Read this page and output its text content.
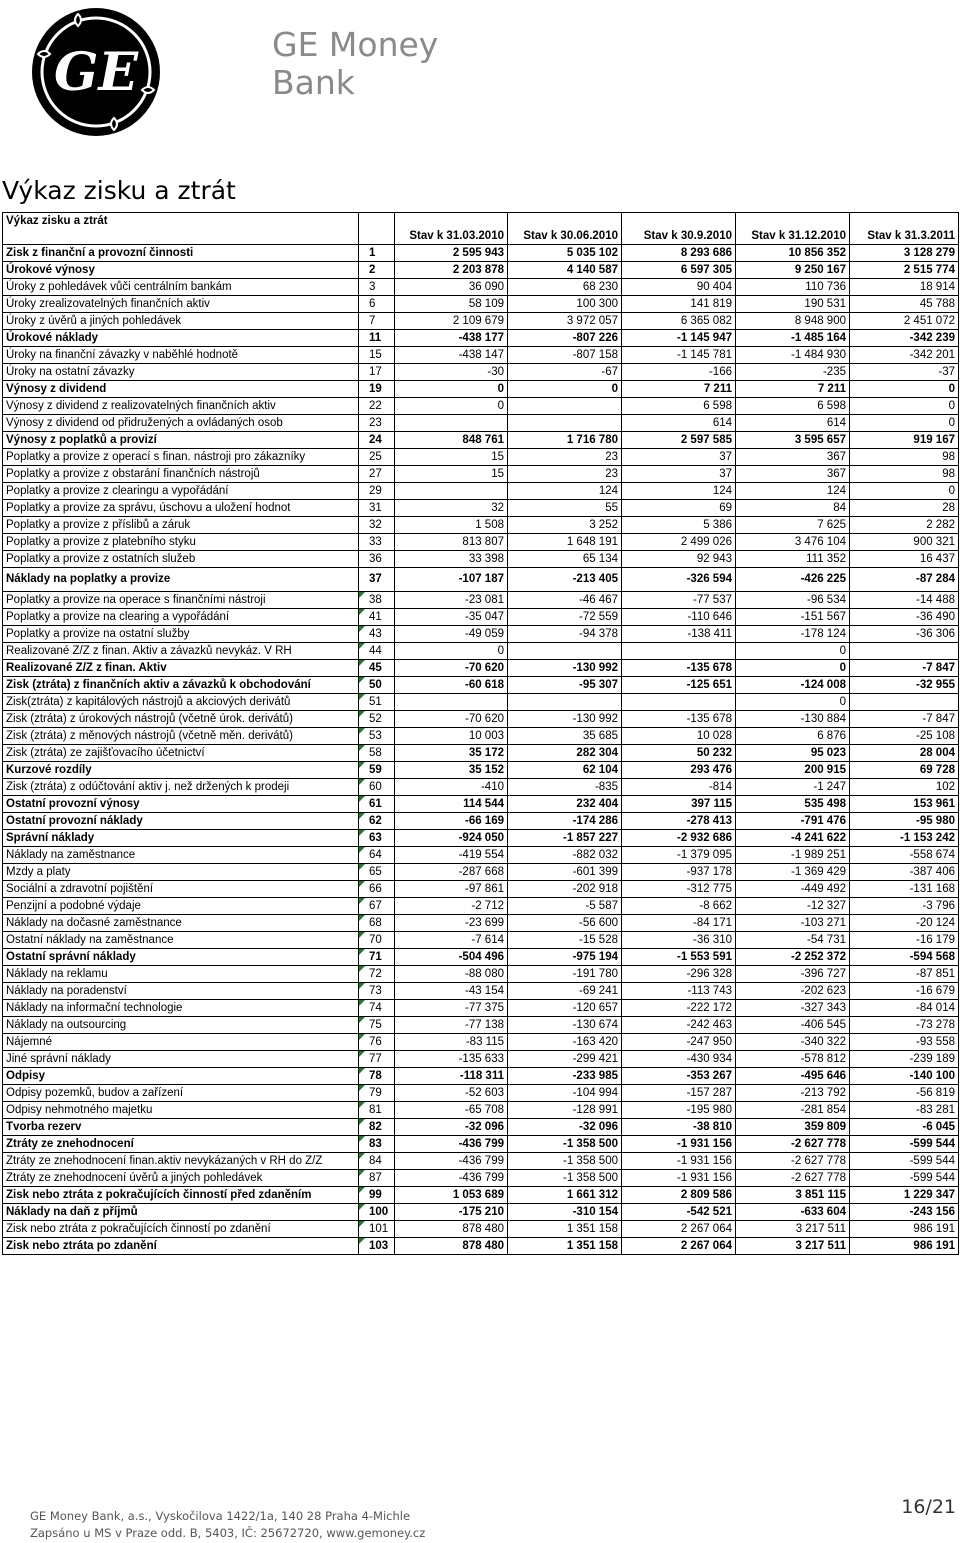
GE	GE Money
Bank
Výkaz zisku a ztrát
Výkaz zisku a ztrát		Stav k 31.03.2010	Stav k 30.06.2010	Stav k 30.9.2010	Stav k 31.12.2010	Stav k 31.3.2011
Zisk z finanční a provozní činnosti	1	2 595 943	5 035 102	8 293 686	10 856 352	3 128 279
Úrokové výnosy	2	2 203 878	4 140 587	6 597 305	9 250 167	2 515 774
Úroky z pohledávek vůči centrálním bankám	3	36 090	68 230	90 404	110 736	18 914
Úroky zrealizovatelných finančních aktiv	6	58 109	100 300	141 819	190 531	45 788
Úroky z úvěrů a jiných pohledávek	7	2 109 679	3 972 057	6 365 082	8 948 900	2 451 072
Úrokové náklady	11	-438 177	-807 226	-1 145 947	-1 485 164	-342 239
Úroky na finanční závazky v naběhlé hodnotě	15	-438 147	-807 158	-1 145 781	-1 484 930	-342 201
Úroky na ostatní závazky	17	-30	-67	-166	-235	-37
Výnosy z dividend	19	0	0	7 211	7 211	0
Výnosy z dividend z realizovatelných finančních aktiv	22	0		6 598	6 598	0
Výnosy z dividend od přidružených a ovládaných osob	23			614	614	0
Výnosy z poplatků a provizí	24	848 761	1 716 780	2 597 585	3 595 657	919 167
Poplatky a provize z operací s finan. nástroji pro zákazníky	25	15	23	37	367	98
Poplatky a provize z obstarání finančních nástrojů	27	15	23	37	367	98
Poplatky a provize z clearingu a vypořádání	29		124	124	124	0
Poplatky a provize za správu, úschovu a uložení hodnot	31	32	55	69	84	28
Poplatky a provize z příslibů a záruk	32	1 508	3 252	5 386	7 625	2 282
Poplatky a provize z platebního styku	33	813 807	1 648 191	2 499 026	3 476 104	900 321
Poplatky a provize z ostatních služeb	36	33 398	65 134	92 943	111 352	16 437
Náklady na poplatky a provize	37	-107 187	-213 405	-326 594	-426 225	-87 284
Poplatky a provize na operace s finančními nástroji	38	-23 081	-46 467	-77 537	-96 534	-14 488
Poplatky a provize na clearing a vypořádání	41	-35 047	-72 559	-110 646	-151 567	-36 490
Poplatky a provize na ostatní služby	43	-49 059	-94 378	-138 411	-178 124	-36 306
Realizované Z/Z z finan. Aktiv a závazků nevykáz. V RH	44	0			0	
Realizované Z/Z z finan. Aktiv	45	-70 620	-130 992	-135 678	0	-7 847
Zisk (ztráta) z finančních aktiv a závazků k obchodování	50	-60 618	-95 307	-125 651	-124 008	-32 955
Zisk(ztráta) z kapitálových nástrojů a akciových derivátů	51				0	
Zisk (ztráta) z úrokových nástrojů (včetně úrok. derivátů)	52	-70 620	-130 992	-135 678	-130 884	-7 847
Zisk (ztráta) z měnových nástrojů (včetně měn. derivátů)	53	10 003	35 685	10 028	6 876	-25 108
Zisk (ztráta) ze zajišťovacího účetnictví	58	35 172	282 304	50 232	95 023	28 004
Kurzové rozdíly	59	35 152	62 104	293 476	200 915	69 728
Zisk (ztráta) z odúčtování aktiv j. než držených k prodeji	60	-410	-835	-814	-1 247	102
Ostatní provozní výnosy	61	114 544	232 404	397 115	535 498	153 961
Ostatní provozní náklady	62	-66 169	-174 286	-278 413	-791 476	-95 980
Správní náklady	63	-924 050	-1 857 227	-2 932 686	-4 241 622	-1 153 242
Náklady na zaměstnance	64	-419 554	-882 032	-1 379 095	-1 989 251	-558 674
Mzdy a platy	65	-287 668	-601 399	-937 178	-1 369 429	-387 406
Sociální a zdravotní pojištění	66	-97 861	-202 918	-312 775	-449 492	-131 168
Penzijní a podobné výdaje	67	-2 712	-5 587	-8 662	-12 327	-3 796
Náklady na dočasné zaměstnance	68	-23 699	-56 600	-84 171	-103 271	-20 124
Ostatní náklady na zaměstnance	70	-7 614	-15 528	-36 310	-54 731	-16 179
Ostatní správní náklady	71	-504 496	-975 194	-1 553 591	-2 252 372	-594 568
Náklady na reklamu	72	-88 080	-191 780	-296 328	-396 727	-87 851
Náklady na poradenství	73	-43 154	-69 241	-113 743	-202 623	-16 679
Náklady na informační technologie	74	-77 375	-120 657	-222 172	-327 343	-84 014
Náklady na outsourcing	75	-77 138	-130 674	-242 463	-406 545	-73 278
Nájemné	76	-83 115	-163 420	-247 950	-340 322	-93 558
Jiné správní náklady	77	-135 633	-299 421	-430 934	-578 812	-239 189
Odpisy	78	-118 311	-233 985	-353 267	-495 646	-140 100
Odpisy pozemků, budov a zařízení	79	-52 603	-104 994	-157 287	-213 792	-56 819
Odpisy nehmotného majetku	81	-65 708	-128 991	-195 980	-281 854	-83 281
Tvorba rezerv	82	-32 096	-32 096	-38 810	359 809	-6 045
Ztráty ze znehodnocení	83	-436 799	-1 358 500	-1 931 156	-2 627 778	-599 544
Ztráty ze znehodnocení finan.aktiv nevykázaných v RH do Z/Z	84	-436 799	-1 358 500	-1 931 156	-2 627 778	-599 544
Ztráty ze znehodnocení úvěrů a jiných pohledávek	87	-436 799	-1 358 500	-1 931 156	-2 627 778	-599 544
Zisk nebo ztráta z pokračujících činností před zdaněním	99	1 053 689	1 661 312	2 809 586	3 851 115	1 229 347
Náklady na daň z příjmů	100	-175 210	-310 154	-542 521	-633 604	-243 156
Zisk nebo ztráta z pokračujících činností po zdanění	101	878 480	1 351 158	2 267 064	3 217 511	986 191
Zisk nebo ztráta po zdanění	103	878 480	1 351 158	2 267 064	3 217 511	986 191
GE Money Bank, a.s., Vyskočilova 1422/1a, 140 28 Praha 4-Michle
Zapsáno u MS v Praze odd. B, 5403, IČ: 25672720, www.gemoney.cz
16/21
